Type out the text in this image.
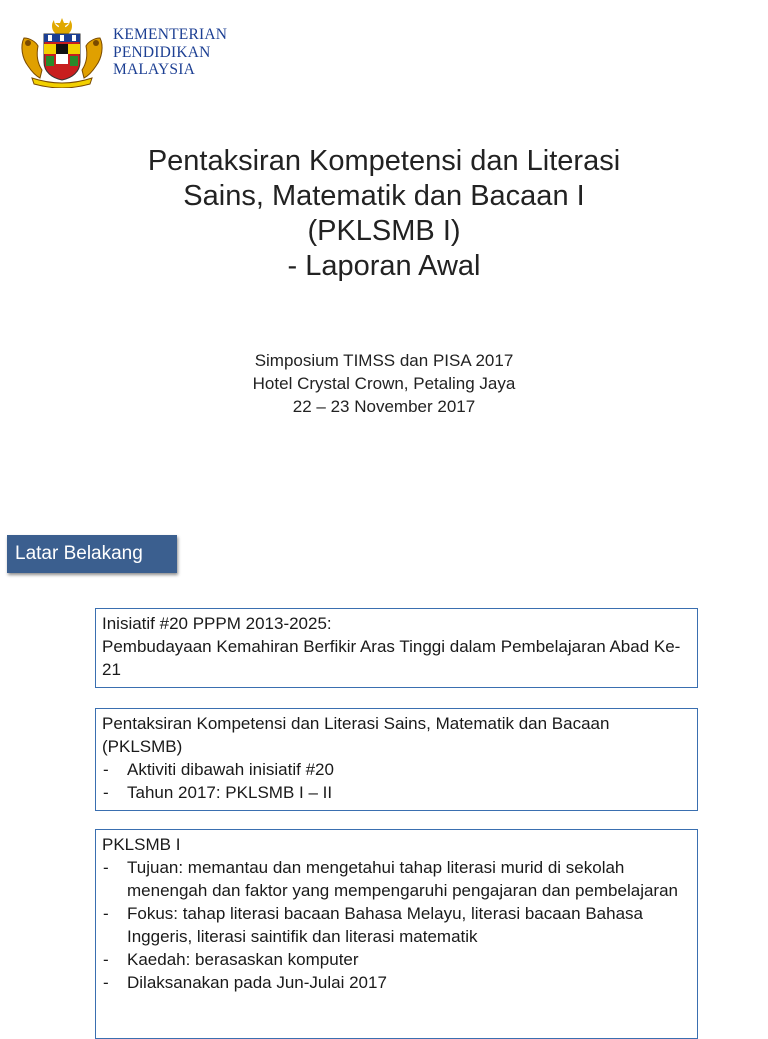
KEMENTERIAN
PENDIDIKAN
MALAYSIA
Pentaksiran Kompetensi dan Literasi
Sains, Matematik dan Bacaan I
(PKLSMB I)
- Laporan Awal
Simposium TIMSS dan PISA 2017
Hotel Crystal Crown, Petaling Jaya
22 – 23 November 2017
Latar Belakang

Inisiatif #20 PPPM 2013-2025:

Pembudayaan Kemahiran Berfikir Aras Tinggi dalam Pembelajaran Abad Ke-21

Pentaksiran Kompetensi dan Literasi Sains, Matematik dan Bacaan (PKLSMB)

- Aktiviti dibawah inisiatif #20
- Tahun 2017: PKLSMB I – II

PKLSMB I

- Tujuan: memantau dan mengetahui tahap literasi murid di sekolah menengah dan faktor yang mempengaruhi pengajaran dan pembelajaran
- Fokus: tahap literasi bacaan Bahasa Melayu, literasi bacaan Bahasa Inggeris, literasi saintifik dan literasi matematik
- Kaedah: berasaskan komputer
- Dilaksanakan pada Jun-Julai 2017
